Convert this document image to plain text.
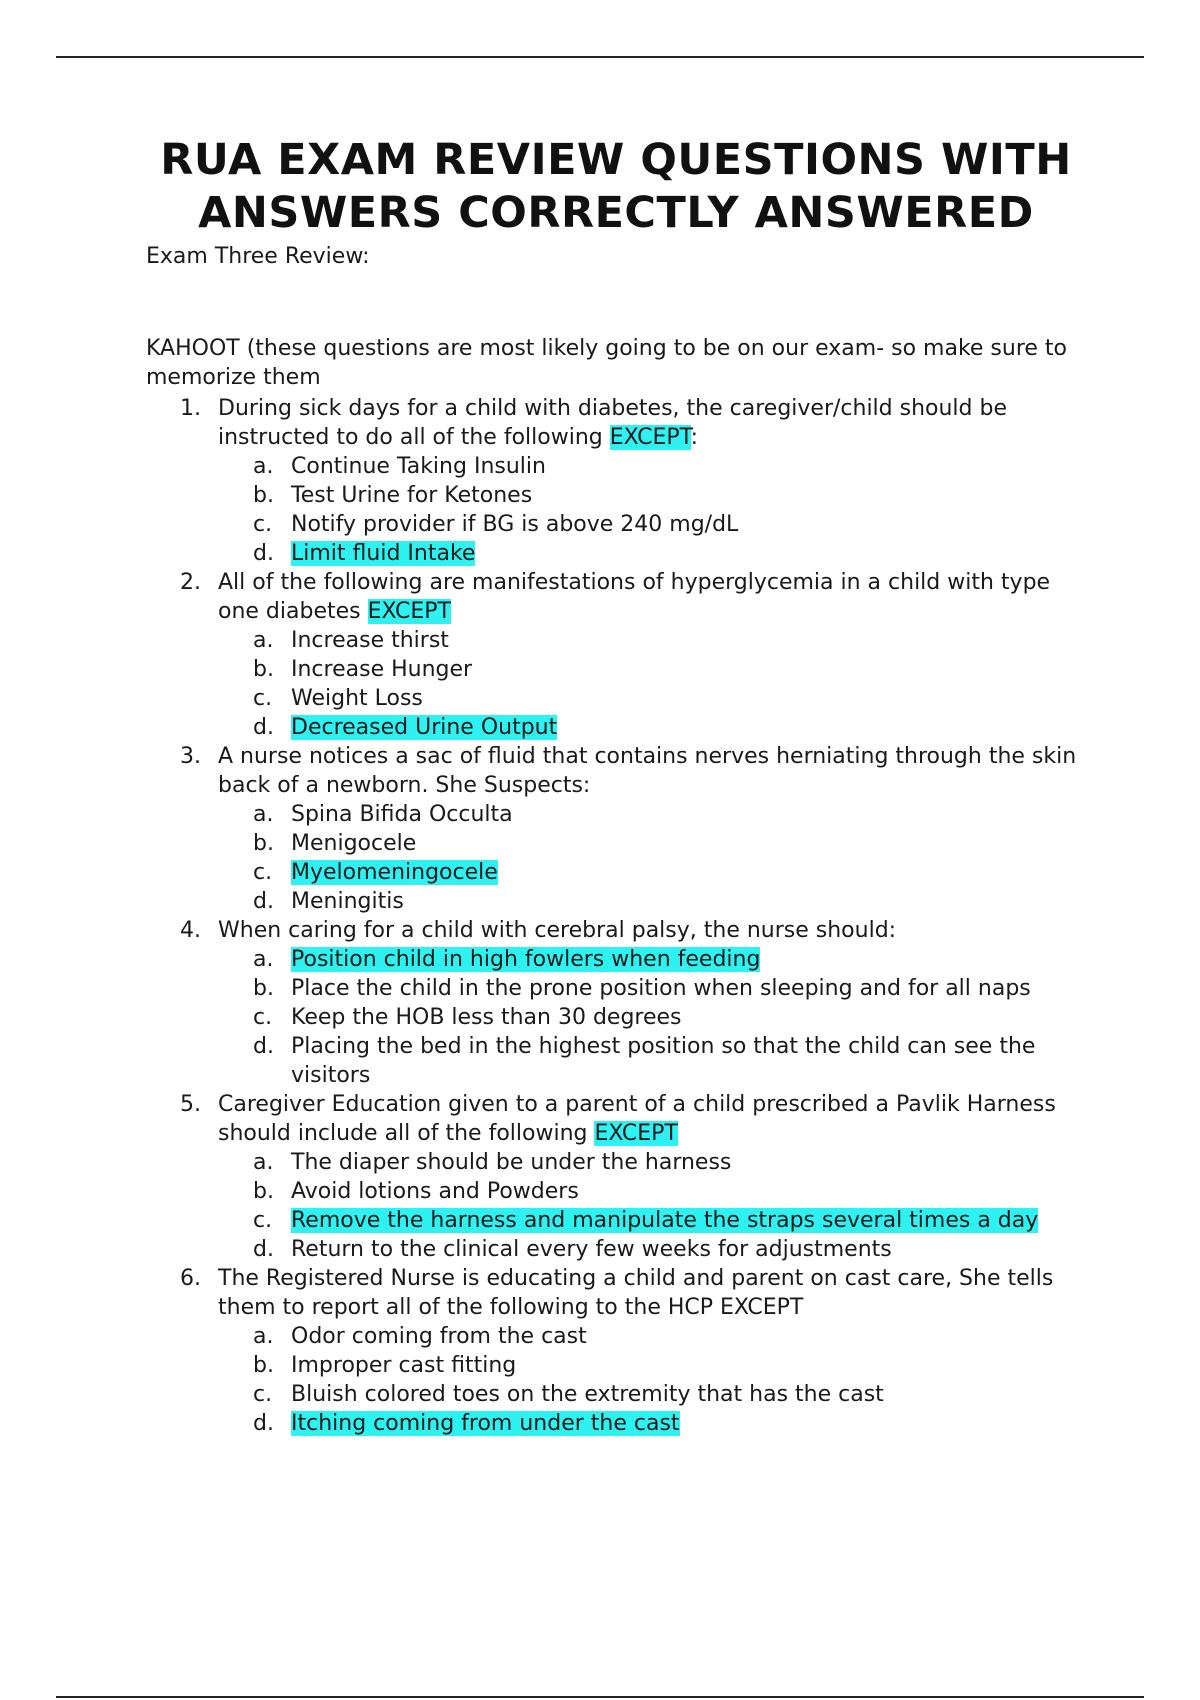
RUA EXAM REVIEW QUESTIONS WITH ANSWERS CORRECTLY ANSWERED
Exam Three Review:
KAHOOT (these questions are most likely going to be on our exam- so make sure to memorize them
1. During sick days for a child with diabetes, the caregiver/child should be instructed to do all of the following EXCEPT:
a. Continue Taking Insulin
b. Test Urine for Ketones
c. Notify provider if BG is above 240 mg/dL
d. Limit fluid Intake
2. All of the following are manifestations of hyperglycemia in a child with type one diabetes EXCEPT
a. Increase thirst
b. Increase Hunger
c. Weight Loss
d. Decreased Urine Output
3. A nurse notices a sac of fluid that contains nerves herniating through the skin back of a newborn. She Suspects:
a. Spina Bifida Occulta
b. Menigocele
c. Myelomeningocele
d. Meningitis
4. When caring for a child with cerebral palsy, the nurse should:
a. Position child in high fowlers when feeding
b. Place the child in the prone position when sleeping and for all naps
c. Keep the HOB less than 30 degrees
d. Placing the bed in the highest position so that the child can see the visitors
5. Caregiver Education given to a parent of a child prescribed a Pavlik Harness should include all of the following EXCEPT
a. The diaper should be under the harness
b. Avoid lotions and Powders
c. Remove the harness and manipulate the straps several times a day
d. Return to the clinical every few weeks for adjustments
6. The Registered Nurse is educating a child and parent on cast care, She tells them to report all of the following to the HCP EXCEPT
a. Odor coming from the cast
b. Improper cast fitting
c. Bluish colored toes on the extremity that has the cast
d. Itching coming from under the cast
